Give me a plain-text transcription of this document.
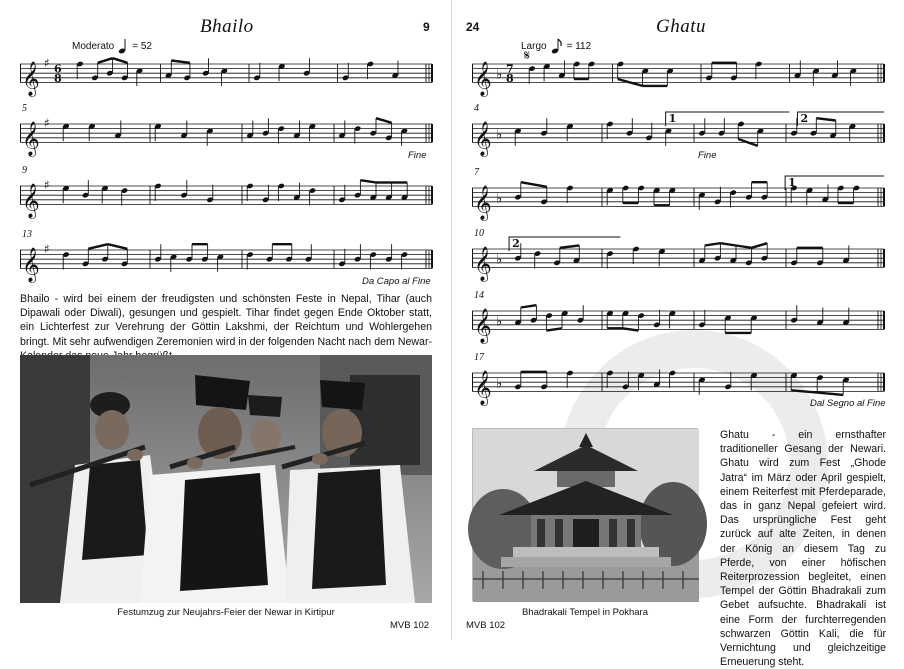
Bhailo	9
Moderato = 52
𝄞 ♯ 6
8
5
𝄞 ♯
Fine
9
𝄞 ♯
13
𝄞 ♯
Da Capo al Fine
Bhailo - wird bei einem der freudigsten und schönsten Feste in Nepal, Tihar (auch Dipawali oder Diwali), gesungen und gespielt. Tihar findet gegen Ende Oktober statt, ein Lichterfest zur Verehrung der Göttin Lakshmi, der Reichtum und Wohlergehen bringt. Mit sehr aufwendigen Zeremonien wird in der folgenden Nacht nach dem Newar-
Festumzug zur Neujahrs-Feier der Newar in Kirtipur
MVB 102
24	Ghatu
Largo = 112
𝄞 ♭ 7
8
𝄋
4
𝄞 ♭
1	2
Fine
7
𝄞 ♭
1
10
𝄞 ♭
2
14
𝄞 ♭
17
𝄞 ♭
Dal Segno al Fine
Bhadrakali Tempel in Pokhara
MVB 102
Ghatu - ein ernsthafter traditioneller Gesang der Newari. Ghatu wird zum Fest „Ghode Jatra“ im März oder April gespielt, einem Reiterfest mit Pferdeparade, das in ganz Nepal gefeiert wird. Das ursprüngliche Fest geht zurück auf alte Zeiten, in denen der König an diesem Tag zu Pferde, von einer höfischen Reiterprozession begleitet, einen Tempel der Göttin Bhadrakali zum Gebet aufsuchte. Bhadrakali ist eine Form der furchterregenden schwarzen Göttin Kali, die für Vernichtung und gleichzeitige Erneuerung steht.
